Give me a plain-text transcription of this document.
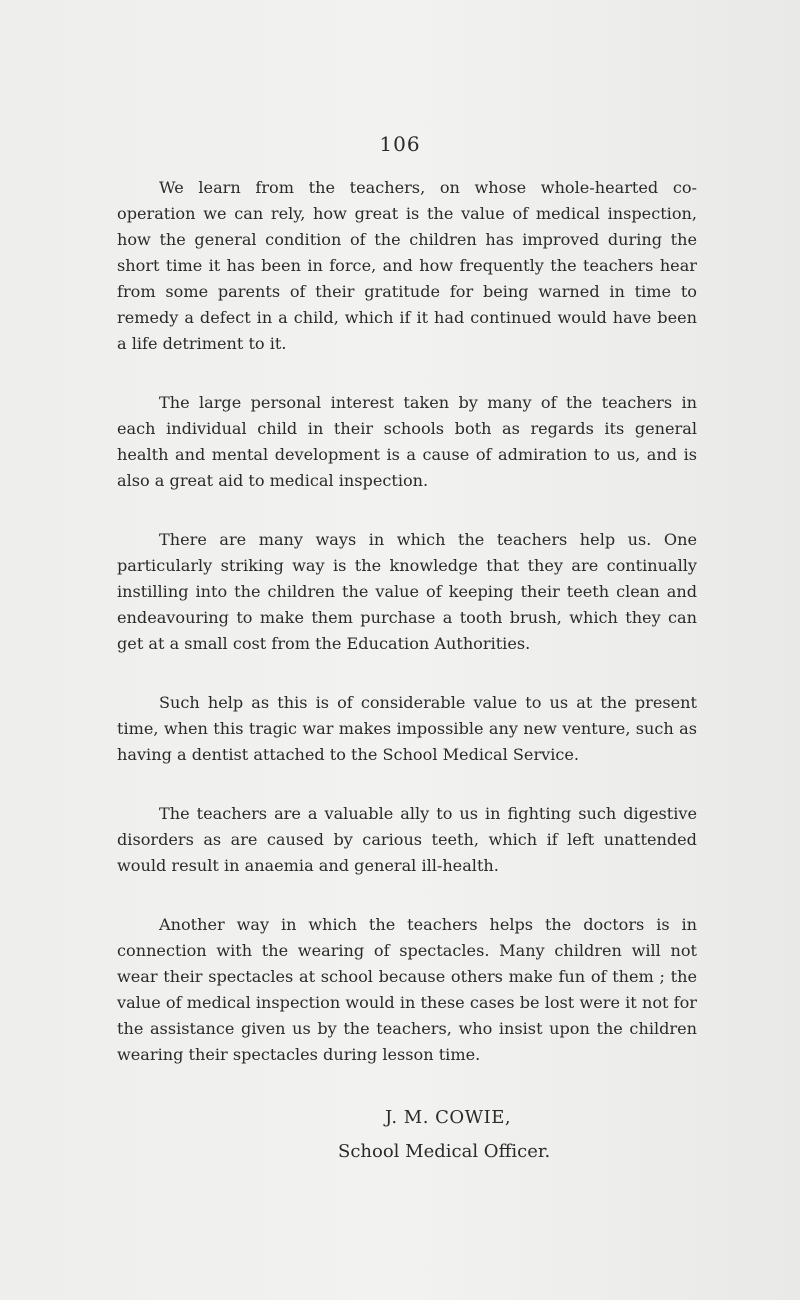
106

We learn from the teachers, on whose whole-hearted co-operation we can rely, how great is the value of medical inspection, how the general condition of the children has improved during the short time it has been in force, and how frequently the teachers hear from some parents of their gratitude for being warned in time to remedy a defect in a child, which if it had continued would have been a life detriment to it.

The large personal interest taken by many of the teachers in each individual child in their schools both as regards its general health and mental development is a cause of admiration to us, and is also a great aid to medical inspection.

There are many ways in which the teachers help us. One particularly striking way is the knowledge that they are continually instilling into the children the value of keeping their teeth clean and endeavouring to make them purchase a tooth brush, which they can get at a small cost from the Education Authorities.

Such help as this is of considerable value to us at the present time, when this tragic war makes impossible any new venture, such as having a dentist attached to the School Medical Service.

The teachers are a valuable ally to us in fighting such digestive disorders as are caused by carious teeth, which if left unattended would result in anaemia and general ill-health.

Another way in which the teachers helps the doctors is in connection with the wearing of spectacles. Many children will not wear their spectacles at school because others make fun of them ; the value of medical inspection would in these cases be lost were it not for the assistance given us by the teachers, who insist upon the children wearing their spectacles during lesson time.

J. M. COWIE,
School Medical Officer.
